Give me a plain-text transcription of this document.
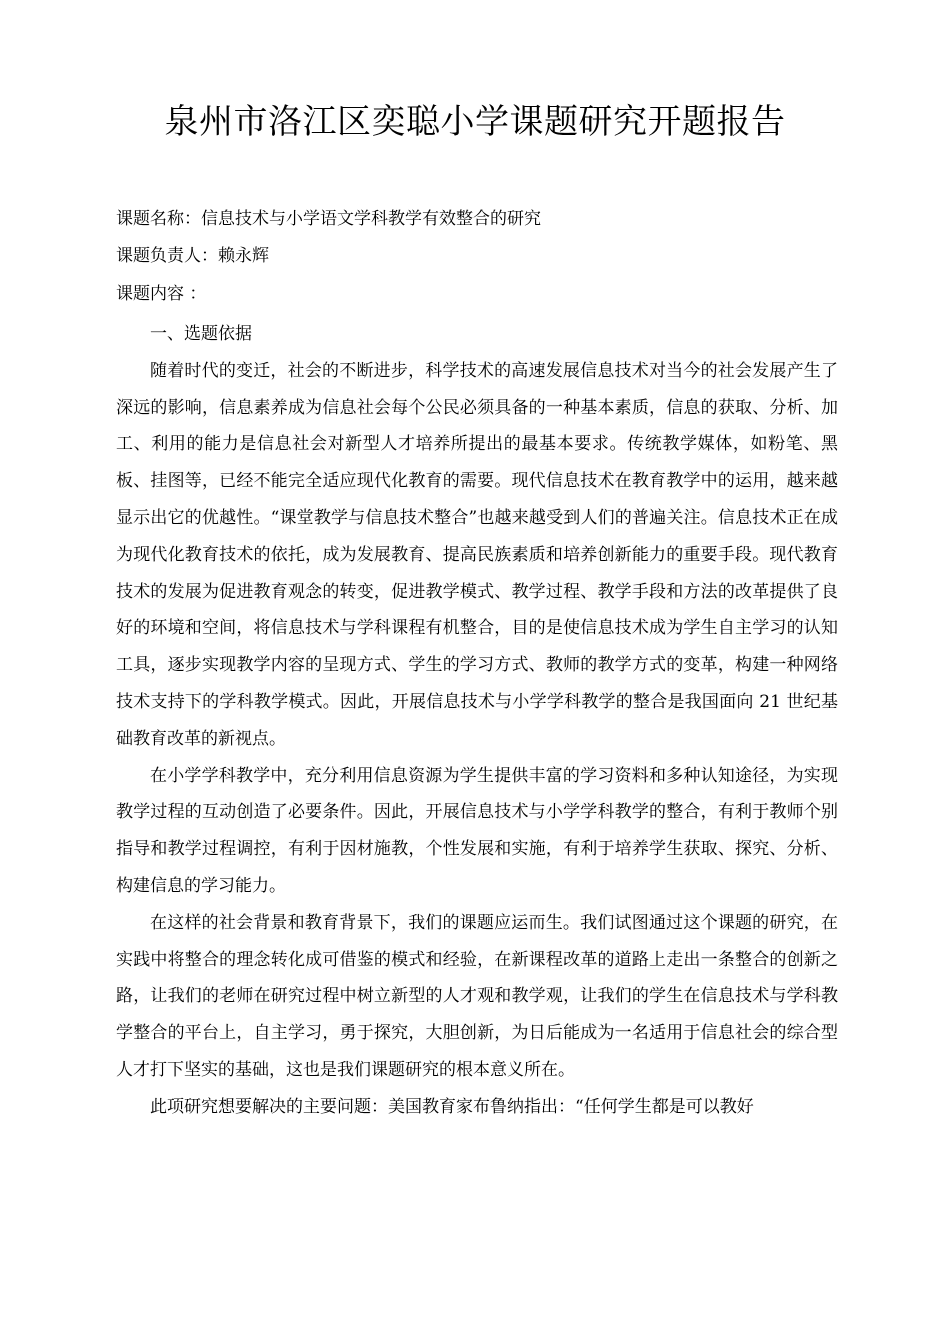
泉州市洛江区奕聪小学课题研究开题报告
课题名称：信息技术与小学语文学科教学有效整合的研究
课题负责人：赖永辉
课题内容 ：

一、选题依据

随着时代的变迁，社会的不断进步，科学技术的高速发展信息技术对当今的社会发展产生了深远的影响，信息素养成为信息社会每个公民必须具备的一种基本素质，信息的获取、分析、加工、利用的能力是信息社会对新型人才培养所提出的最基本要求。传统教学媒体，如粉笔、黑板、挂图等，已经不能完全适应现代化教育的需要。现代信息技术在教育教学中的运用，越来越显示出它的优越性。“课堂教学与信息技术整合”也越来越受到人们的普遍关注。信息技术正在成为现代化教育技术的依托，成为发展教育、提高民族素质和培养创新能力的重要手段。现代教育技术的发展为促进教育观念的转变，促进教学模式、教学过程、教学手段和方法的改革提供了良好的环境和空间，将信息技术与学科课程有机整合，目的是使信息技术成为学生自主学习的认知工具，逐步实现教学内容的呈现方式、学生的学习方式、教师的教学方式的变革，构建一种网络技术支持下的学科教学模式。因此，开展信息技术与小学学科教学的整合是我国面向 21 世纪基础教育改革的新视点。

在小学学科教学中，充分利用信息资源为学生提供丰富的学习资料和多种认知途径，为实现教学过程的互动创造了必要条件。因此，开展信息技术与小学学科教学的整合，有利于教师个别指导和教学过程调控，有利于因材施教，个性发展和实施，有利于培养学生获取、探究、分析、构建信息的学习能力。

在这样的社会背景和教育背景下，我们的课题应运而生。我们试图通过这个课题的研究，在实践中将整合的理念转化成可借鉴的模式和经验，在新课程改革的道路上走出一条整合的创新之路，让我们的老师在研究过程中树立新型的人才观和教学观，让我们的学生在信息技术与学科教学整合的平台上，自主学习，勇于探究，大胆创新，为日后能成为一名适用于信息社会的综合型人才打下坚实的基础，这也是我们课题研究的根本意义所在。

此项研究想要解决的主要问题：美国教育家布鲁纳指出：“任何学生都是可以教好
